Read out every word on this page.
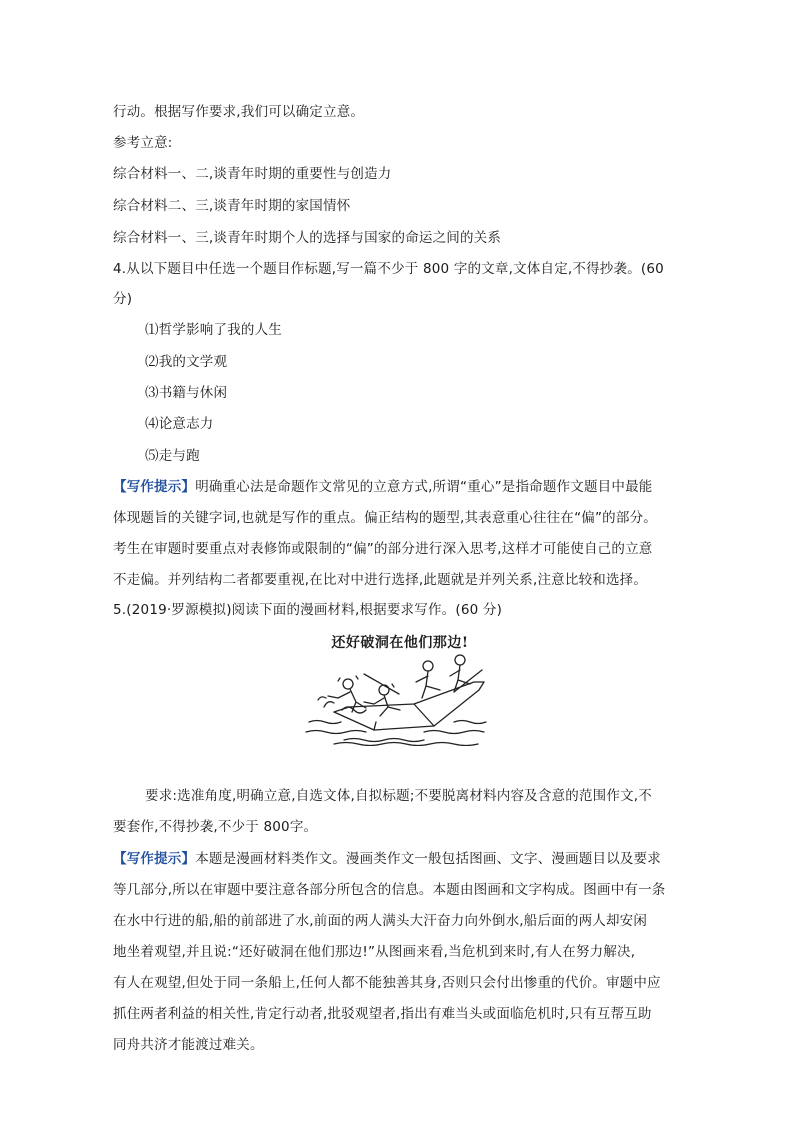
行动。根据写作要求,我们可以确定立意。
参考立意:
综合材料一、二,谈青年时期的重要性与创造力
综合材料二、三,谈青年时期的家国情怀
综合材料一、三,谈青年时期个人的选择与国家的命运之间的关系
4.从以下题目中任选一个题目作标题,写一篇不少于 800 字的文章,文体自定,不得抄袭。(60
分)
⑴哲学影响了我的人生
⑵我的文学观
⑶书籍与休闲
⑷论意志力
⑸走与跑
【写作提示】明确重心法是命题作文常见的立意方式,所谓“重心”是指命题作文题目中最能
体现题旨的关键字词,也就是写作的重点。偏正结构的题型,其表意重心往往在“偏”的部分。
考生在审题时要重点对表修饰或限制的“偏”的部分进行深入思考,这样才可能使自己的立意
不走偏。并列结构二者都要重视,在比对中进行选择,此题就是并列关系,注意比较和选择。
5.(2019·罗源模拟)阅读下面的漫画材料,根据要求写作。(60 分)
还好破洞在他们那边!
要求:选准角度,明确立意,自选文体,自拟标题;不要脱离材料内容及含意的范围作文,不
要套作,不得抄袭,不少于 800字。
【写作提示】本题是漫画材料类作文。漫画类作文一般包括图画、文字、漫画题目以及要求
等几部分,所以在审题中要注意各部分所包含的信息。本题由图画和文字构成。图画中有一条
在水中行进的船,船的前部进了水,前面的两人满头大汗奋力向外倒水,船后面的两人却安闲
地坐着观望,并且说:“还好破洞在他们那边!”从图画来看,当危机到来时,有人在努力解决,
有人在观望,但处于同一条船上,任何人都不能独善其身,否则只会付出惨重的代价。审题中应
抓住两者利益的相关性,肯定行动者,批驳观望者,指出有难当头或面临危机时,只有互帮互助
同舟共济才能渡过难关。
